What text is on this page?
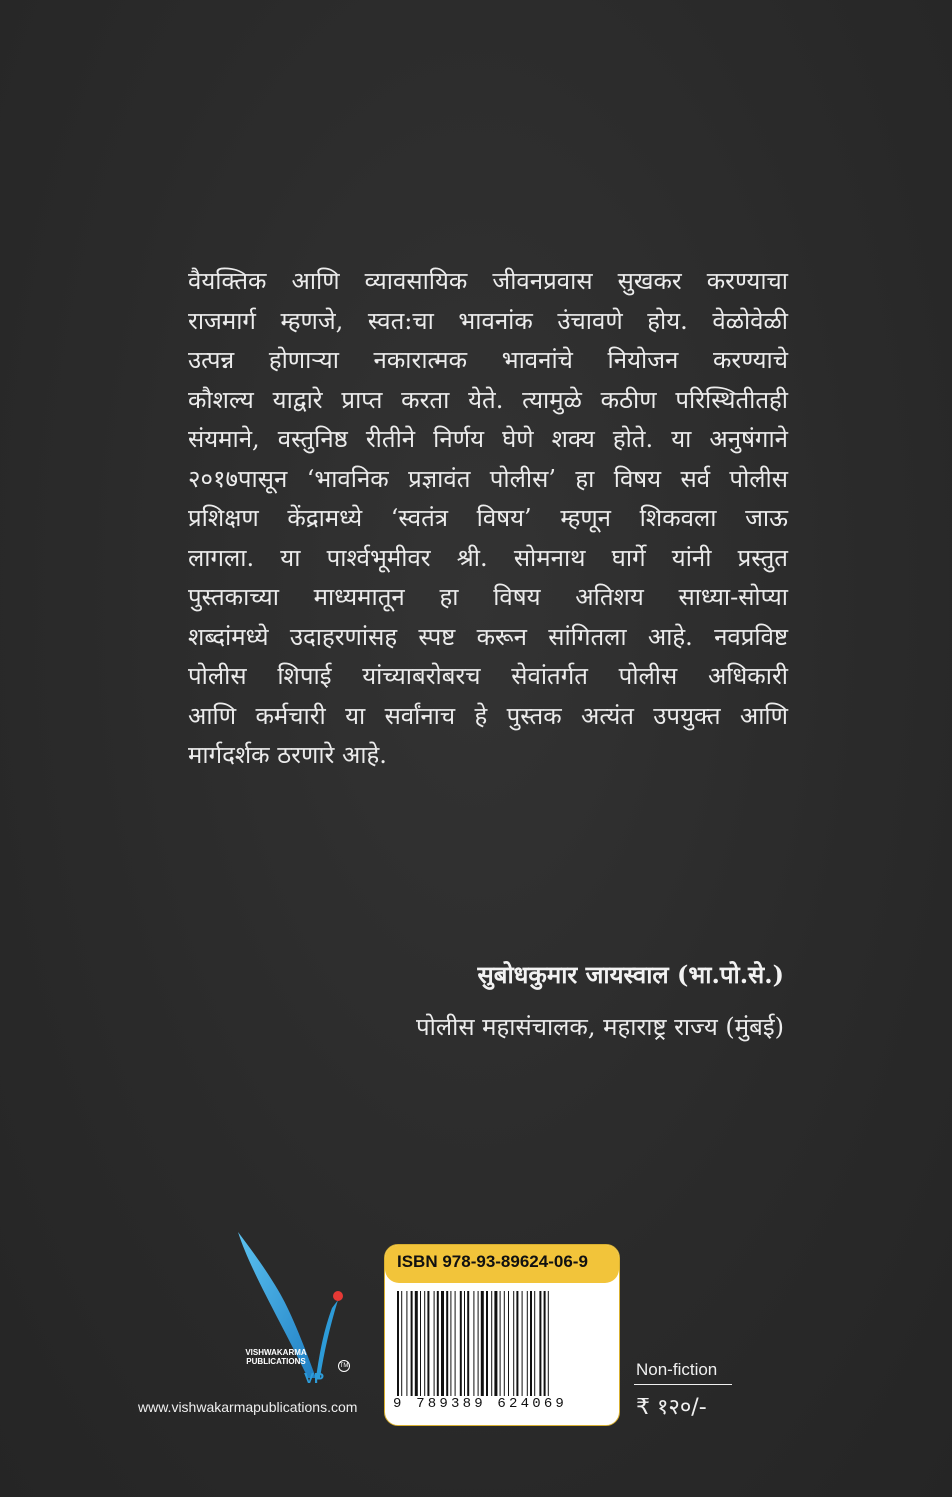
वैयक्तिक आणि व्यावसायिक जीवनप्रवास सुखकर करण्याचा
राजमार्ग म्हणजे, स्वत:चा भावनांक उंचावणे होय. वेळोवेळी
उत्पन्न होणाऱ्या नकारात्मक भावनांचे नियोजन करण्याचे
कौशल्य याद्वारे प्राप्त करता येते. त्यामुळे कठीण परिस्थितीतही
संयमाने, वस्तुनिष्ठ रीतीने निर्णय घेणे शक्य होते. या अनुषंगाने
२०१७पासून ‘भावनिक प्रज्ञावंत पोलीस’ हा विषय सर्व पोलीस
प्रशिक्षण केंद्रामध्ये ‘स्वतंत्र विषय’ म्हणून शिकवला जाऊ
लागला. या पार्श्वभूमीवर श्री. सोमनाथ घार्गे यांनी प्रस्तुत
पुस्तकाच्या माध्यमातून हा विषय अतिशय साध्या-सोप्या
शब्दांमध्ये उदाहरणांसह स्पष्ट करून सांगितला आहे. नवप्रविष्ट
पोलीस शिपाई यांच्याबरोबरच सेवांतर्गत पोलीस अधिकारी
आणि कर्मचारी या सर्वांनाच हे पुस्तक अत्यंत उपयुक्त आणि
मार्गदर्शक ठरणारे आहे.
सुबोधकुमार जायस्वाल (भा.पो.से.)
पोलीस महासंचालक, महाराष्ट्र राज्य (मुंबई)
VISHWAKARMA PUBLICATIONS	TM
VP
www.vishwakarmapublications.com
ISBN 978-93-89624-06-9
9 789389 624069
Non-fiction
₹ १२०/-
